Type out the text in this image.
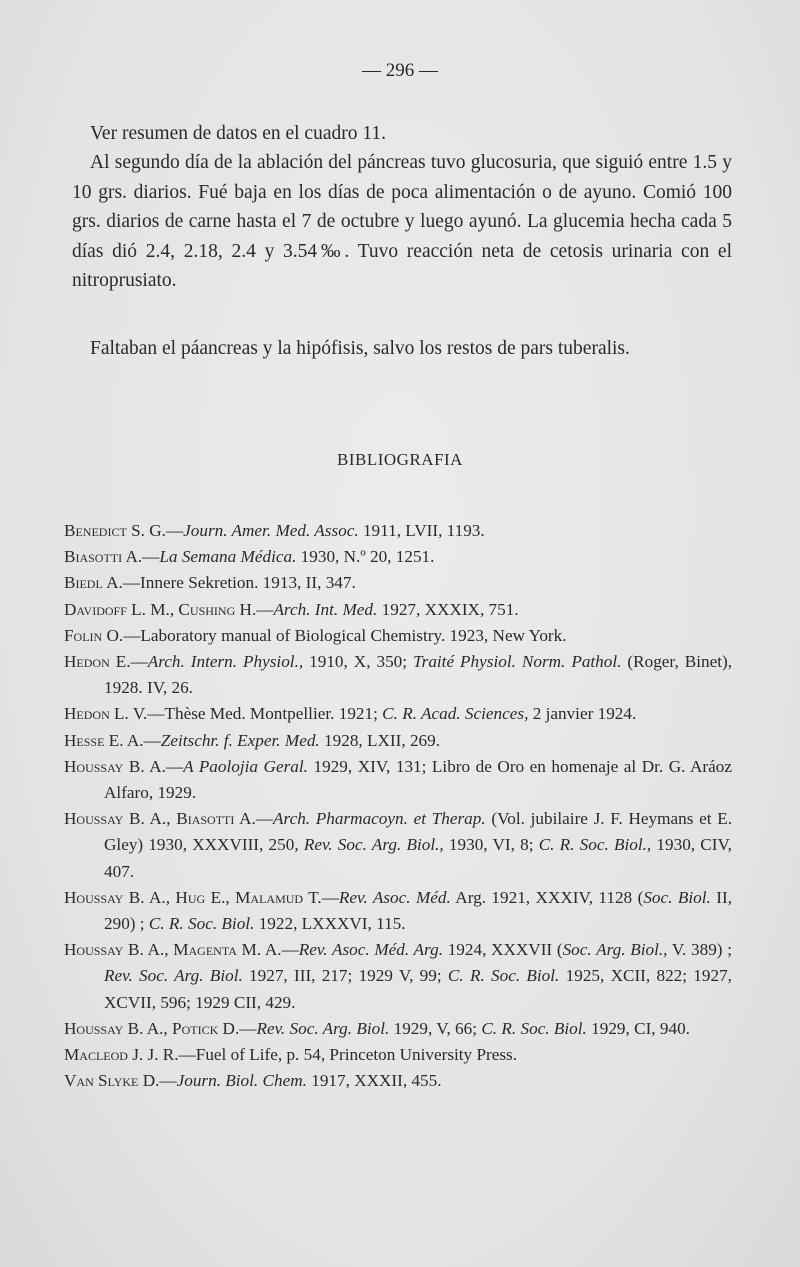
— 296 —

Ver resumen de datos en el cuadro 11.

Al segundo día de la ablación del páncreas tuvo glucosuria, que siguió entre 1.5 y 10 grs. diarios. Fué baja en los días de poca alimentación o de ayuno. Comió 100 grs. diarios de carne hasta el 7 de octubre y luego ayunó. La glucemia hecha cada 5 días dió 2.4, 2.18, 2.4 y 3.54‰. Tuvo reacción neta de cetosis urinaria con el nitroprusiato.

Faltaban el páancreas y la hipófisis, salvo los restos de pars tuberalis.

BIBLIOGRAFIA
Benedict S. G.—Journ. Amer. Med. Assoc. 1911, LVII, 1193.
Biasotti A.—La Semana Médica. 1930, N.º 20, 1251.
Biedl A.—Innere Sekretion. 1913, II, 347.
Davidoff L. M., Cushing H.—Arch. Int. Med. 1927, XXXIX, 751.
Folin O.—Laboratory manual of Biological Chemistry. 1923, New York.
Hedon E.—Arch. Intern. Physiol., 1910, X, 350; Traité Physiol. Norm. Pathol. (Roger, Binet), 1928. IV, 26.
Hedon L. V.—Thèse Med. Montpellier. 1921; C. R. Acad. Sciences, 2 janvier 1924.
Hesse E. A.—Zeitschr. f. Exper. Med. 1928, LXII, 269.
Houssay B. A.—A Paolojia Geral. 1929, XIV, 131; Libro de Oro en homenaje al Dr. G. Aráoz Alfaro, 1929.
Houssay B. A., Biasotti A.—Arch. Pharmacoyn. et Therap. (Vol. jubilaire J. F. Heymans et E. Gley) 1930, XXXVIII, 250, Rev. Soc. Arg. Biol., 1930, VI, 8; C. R. Soc. Biol., 1930, CIV, 407.
Houssay B. A., Hug E., Malamud T.—Rev. Asoc. Méd. Arg. 1921, XXXIV, 1128 (Soc. Biol. II, 290) ; C. R. Soc. Biol. 1922, LXXXVI, 115.
Houssay B. A., Magenta M. A.—Rev. Asoc. Méd. Arg. 1924, XXXVII (Soc. Arg. Biol., V. 389) ; Rev. Soc. Arg. Biol. 1927, III, 217; 1929 V, 99; C. R. Soc. Biol. 1925, XCII, 822; 1927, XCVII, 596; 1929 CII, 429.
Houssay B. A., Potick D.—Rev. Soc. Arg. Biol. 1929, V, 66; C. R. Soc. Biol. 1929, CI, 940.
Macleod J. J. R.—Fuel of Life, p. 54, Princeton University Press.
Van Slyke D.—Journ. Biol. Chem. 1917, XXXII, 455.
